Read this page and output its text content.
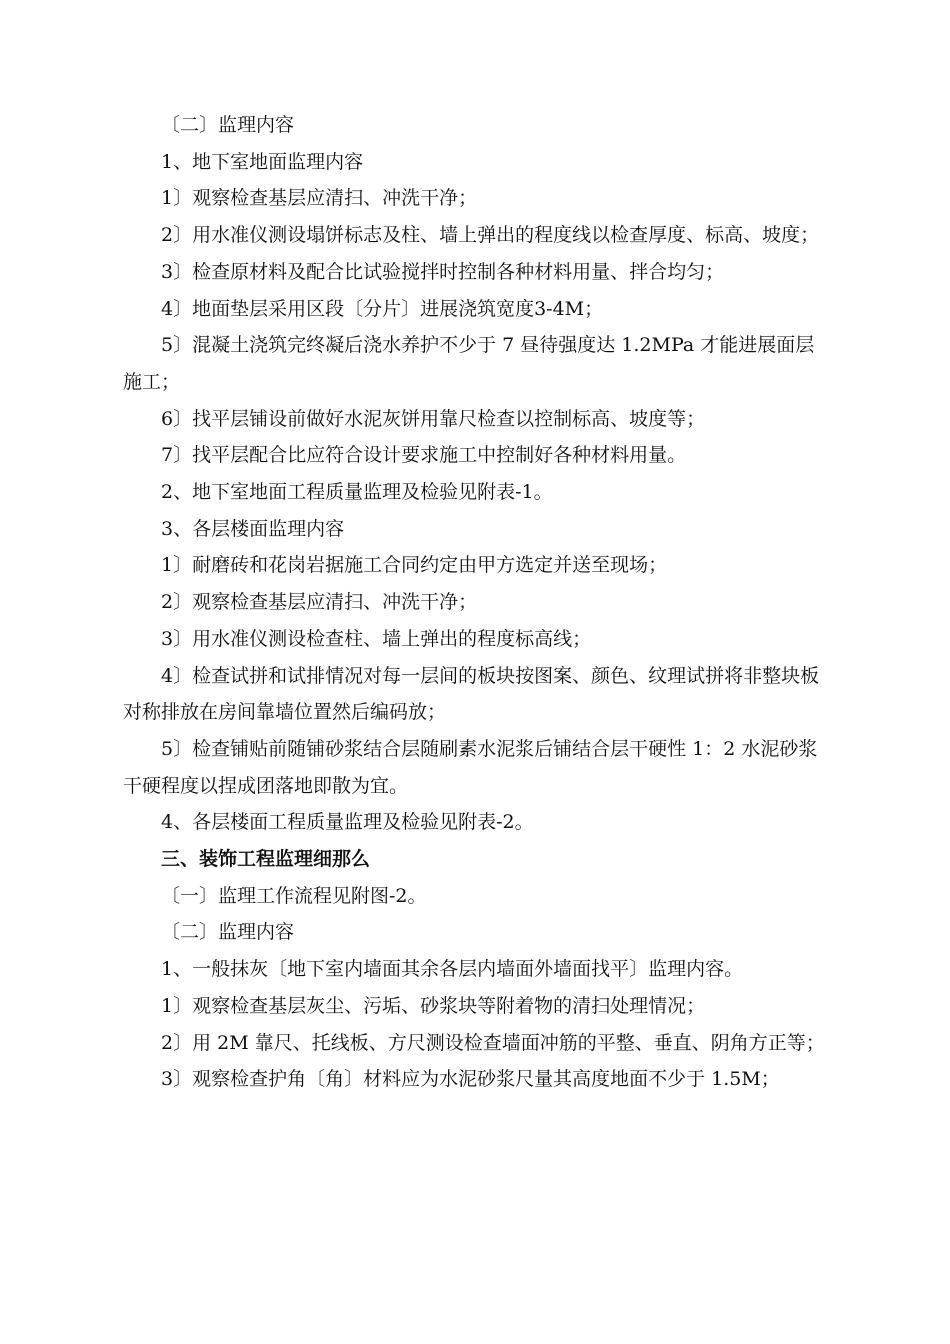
〔二〕监理内容

1、地下室地面监理内容

1〕观察检查基层应清扫、冲洗干净；

2〕用水准仪测设塌饼标志及柱、墙上弹出的程度线以检查厚度、标高、坡度；

3〕检查原材料及配合比试验搅拌时控制各种材料用量、拌合均匀；

4〕地面垫层采用区段〔分片〕进展浇筑宽度3-4M；

5〕混凝土浇筑完终凝后浇水养护不少于 7 昼待强度达 1.2MPa 才能进展面层施工；

6〕找平层铺设前做好水泥灰饼用靠尺检查以控制标高、坡度等；

7〕找平层配合比应符合设计要求施工中控制好各种材料用量。

2、地下室地面工程质量监理及检验见附表-1。

3、各层楼面监理内容

1〕耐磨砖和花岗岩据施工合同约定由甲方选定并送至现场；

2〕观察检查基层应清扫、冲洗干净；

3〕用水准仪测设检查柱、墙上弹出的程度标高线；

4〕检查试拼和试排情况对每一层间的板块按图案、颜色、纹理试拼将非整块板对称排放在房间靠墙位置然后编码放；

5〕检查铺贴前随铺砂浆结合层随刷素水泥浆后铺结合层干硬性 1：2 水泥砂浆干硬程度以捏成团落地即散为宜。

4、各层楼面工程质量监理及检验见附表-2。

三、装饰工程监理细那么

〔一〕监理工作流程见附图-2。

〔二〕监理内容

1、一般抹灰〔地下室内墙面其余各层内墙面外墙面找平〕监理内容。

1〕观察检查基层灰尘、污垢、砂浆块等附着物的清扫处理情况；

2〕用 2M 靠尺、托线板、方尺测设检查墙面冲筋的平整、垂直、阴角方正等；

3〕观察检查护角〔角〕材料应为水泥砂浆尺量其高度地面不少于 1.5M；
